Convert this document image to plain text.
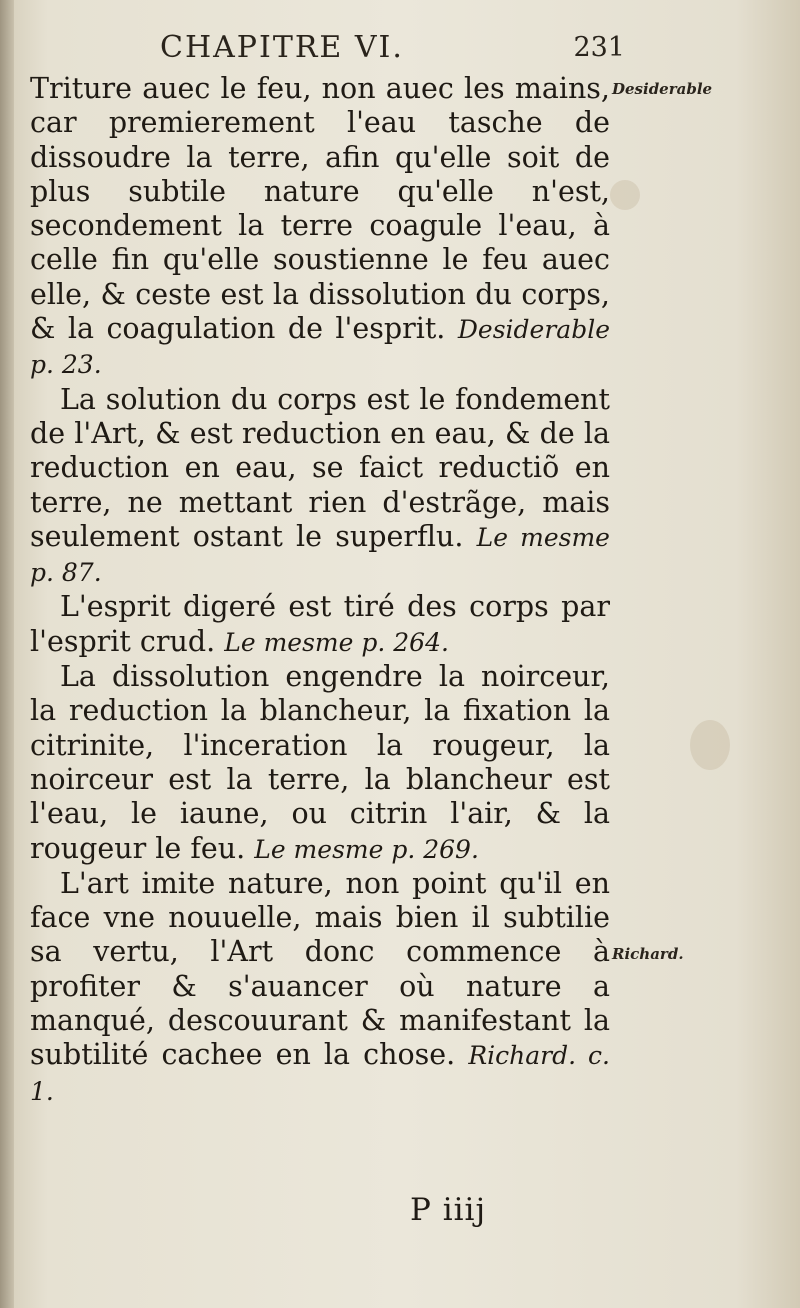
CHAPITRE VI.	231
Desiderable
Richard.

Triture auec le feu, non auec les mains, car premierement l'eau tasche de dissoudre la terre, afin qu'elle soit de plus subtile nature qu'elle n'est, secondement la terre coagule l'eau, à celle fin qu'elle soustienne le feu auec elle, & ceste est la dissolution du corps, & la coagulation de l'esprit. Desiderable p. 23.

La solution du corps est le fondement de l'Art, & est reduction en eau, & de la reduction en eau, se faict reductiõ en terre, ne mettant rien d'estrãge, mais seulement ostant le superflu. Le mesme p. 87.

L'esprit digeré est tiré des corps par l'esprit crud. Le mesme p. 264.

La dissolution engendre la noirceur, la reduction la blancheur, la fixation la citrinite, l'inceration la rougeur, la noirceur est la terre, la blancheur est l'eau, le iaune, ou citrin l'air, & la rougeur le feu. Le mesme p. 269.

L'art imite nature, non point qu'il en face vne nouuelle, mais bien il subtilie sa vertu, l'Art donc commence à profiter & s'auancer où nature a manqué, descouurant & manifestant la subtilité cachee en la chose. Richard. c. 1.

P iiij
